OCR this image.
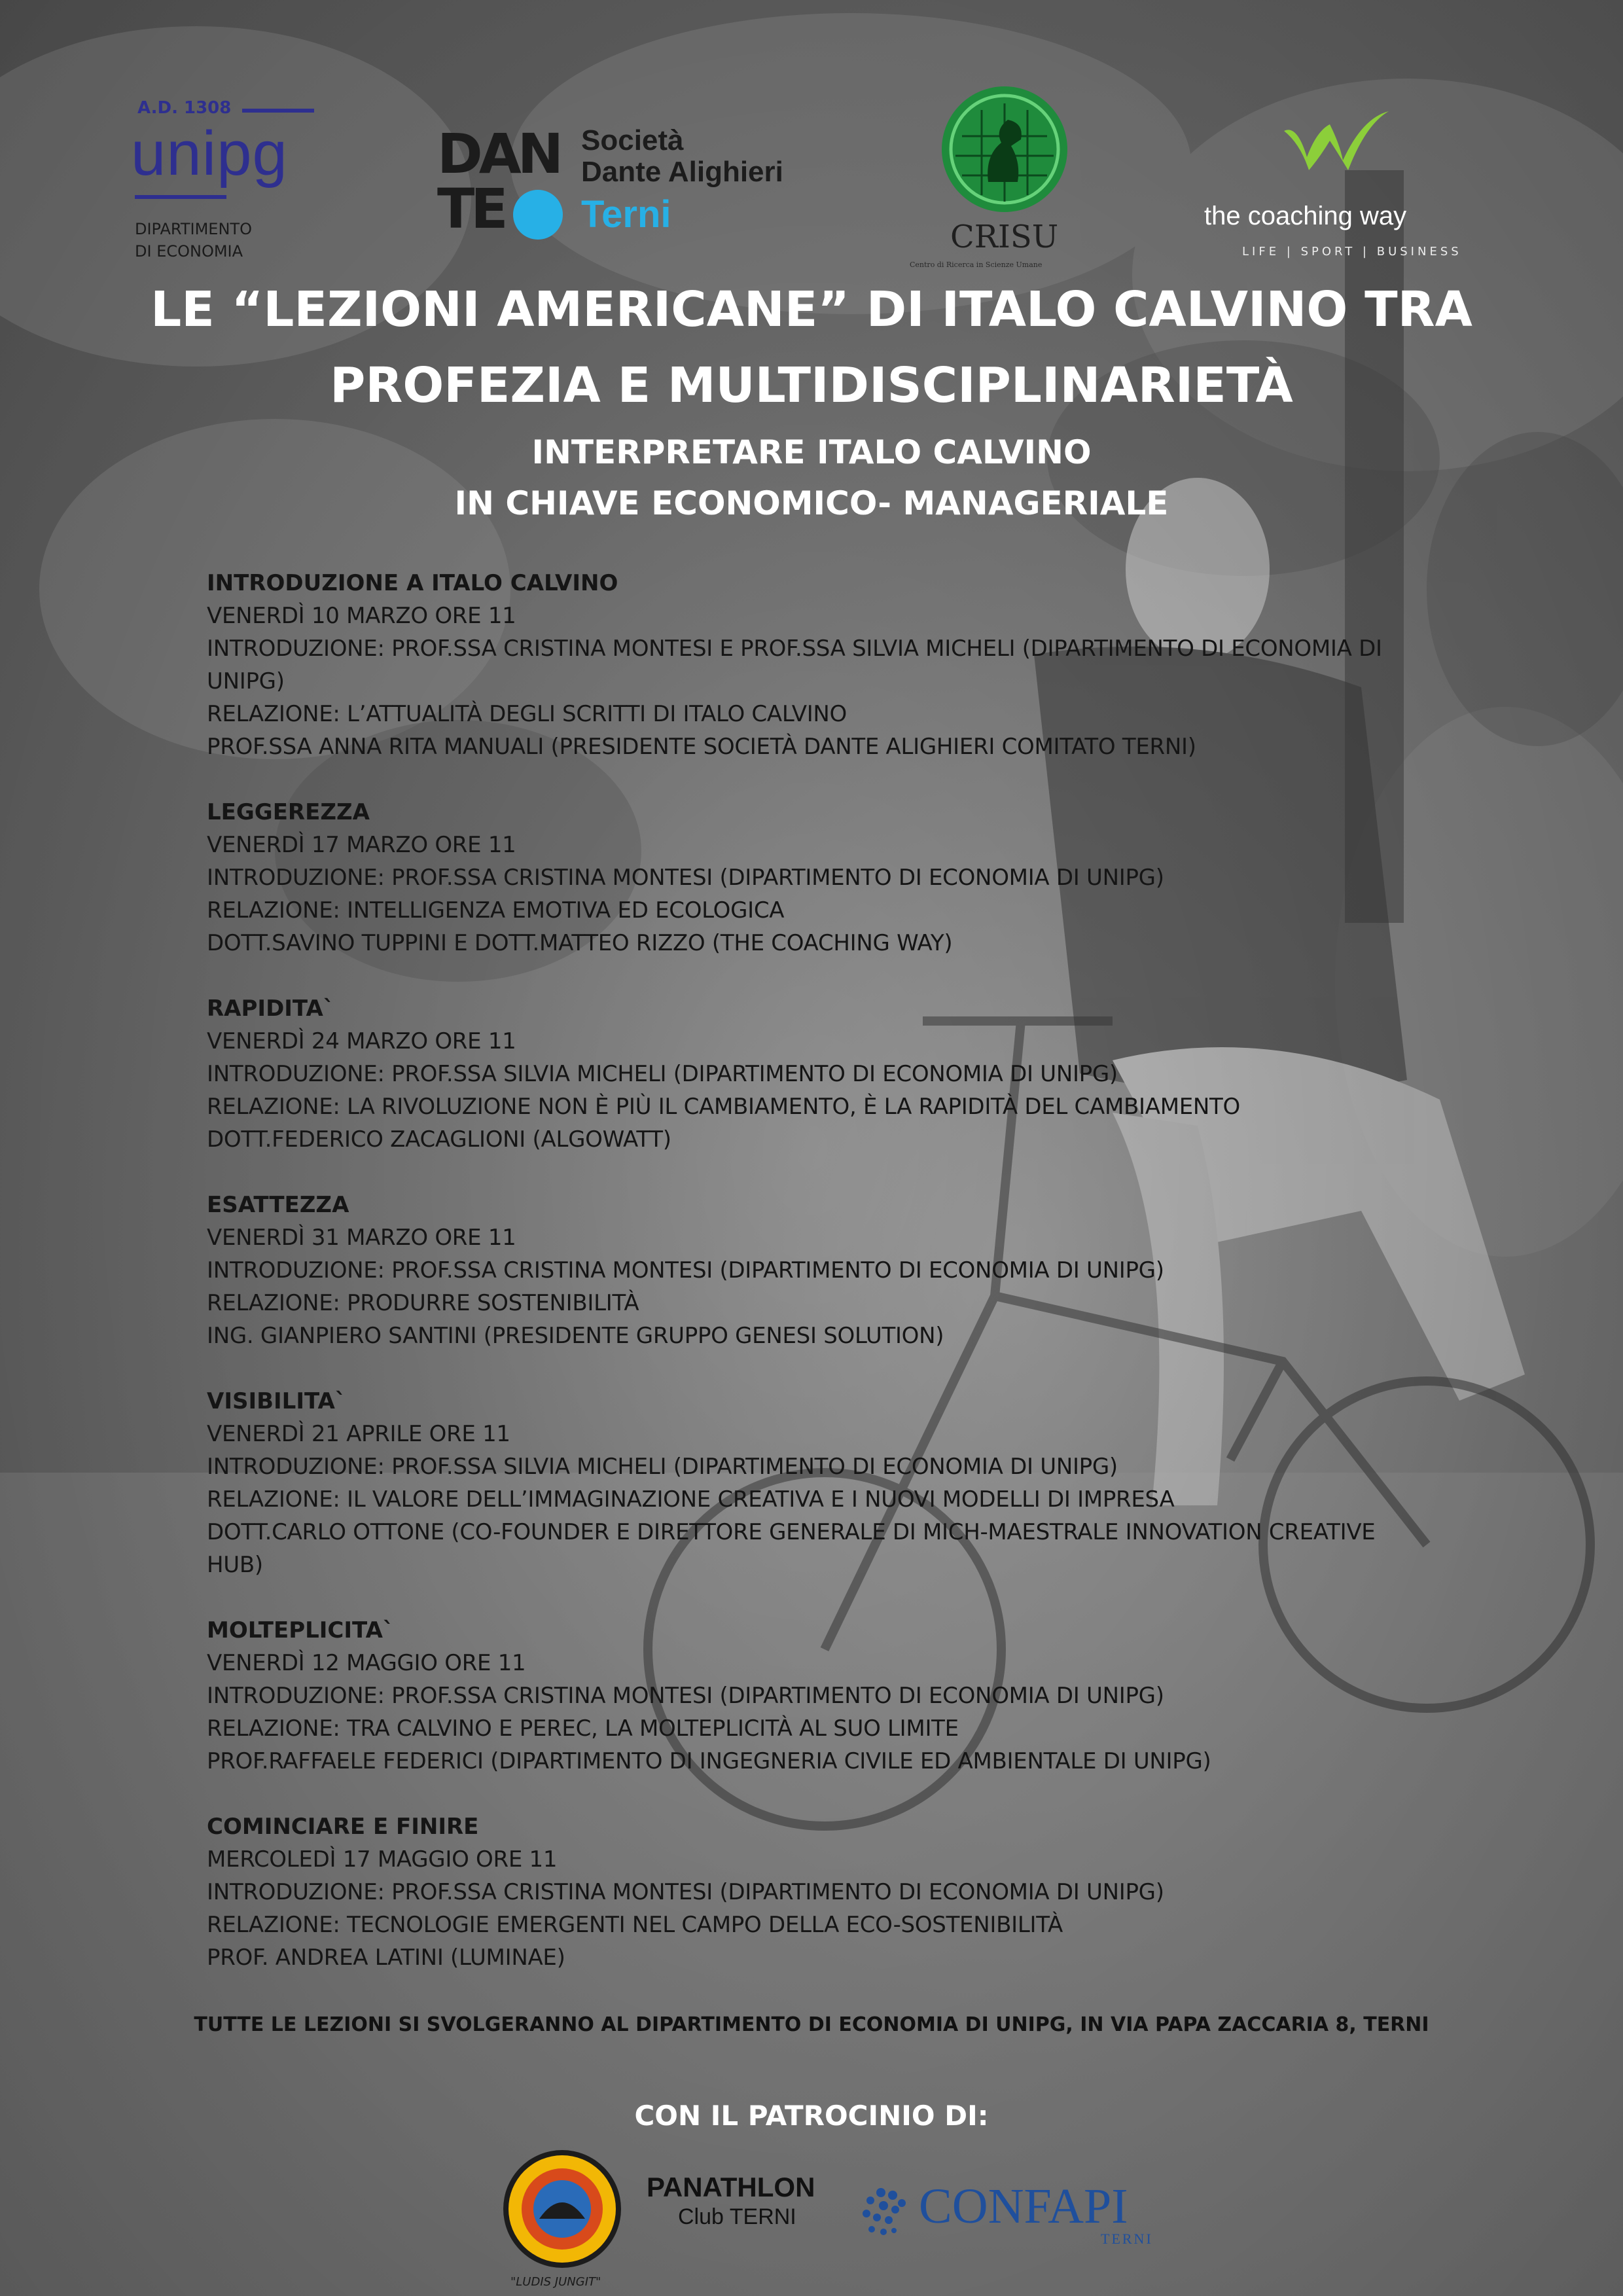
A.D. 1308
unipg
DIPARTIMENTO
DI ECONOMIA
DAN
TE
Società
Dante Alighieri
Terni
CRISU
Centro di Ricerca in Scienze Umane
the coaching way
LIFE | SPORT | BUSINESS
LE “LEZIONI AMERICANE” DI ITALO CALVINO TRA
PROFEZIA E MULTIDISCIPLINARIETÀ
INTERPRETARE ITALO CALVINO
IN CHIAVE ECONOMICO- MANAGERIALE
INTRODUZIONE A ITALO CALVINO
VENERDÌ 10 MARZO ORE 11
INTRODUZIONE: PROF.SSA CRISTINA MONTESI E PROF.SSA SILVIA MICHELI (DIPARTIMENTO DI ECONOMIA DI UNIPG)
RELAZIONE: L’ATTUALITÀ DEGLI SCRITTI DI ITALO CALVINO
PROF.SSA ANNA RITA MANUALI (PRESIDENTE SOCIETÀ DANTE ALIGHIERI COMITATO TERNI)
LEGGEREZZA
VENERDÌ 17 MARZO ORE 11
INTRODUZIONE: PROF.SSA CRISTINA MONTESI (DIPARTIMENTO DI ECONOMIA DI UNIPG)
RELAZIONE: INTELLIGENZA EMOTIVA ED ECOLOGICA
DOTT.SAVINO TUPPINI E DOTT.MATTEO RIZZO (THE COACHING WAY)
RAPIDITA`
VENERDÌ 24 MARZO ORE 11
INTRODUZIONE: PROF.SSA SILVIA MICHELI (DIPARTIMENTO DI ECONOMIA DI UNIPG)
RELAZIONE: LA RIVOLUZIONE NON È PIÙ IL CAMBIAMENTO, È LA RAPIDITÀ DEL CAMBIAMENTO
DOTT.FEDERICO ZACAGLIONI (ALGOWATT)
ESATTEZZA
VENERDÌ 31 MARZO ORE 11
INTRODUZIONE: PROF.SSA CRISTINA MONTESI (DIPARTIMENTO DI ECONOMIA DI UNIPG)
RELAZIONE: PRODURRE SOSTENIBILITÀ
ING. GIANPIERO SANTINI (PRESIDENTE GRUPPO GENESI SOLUTION)
VISIBILITA`
VENERDÌ 21 APRILE ORE 11
INTRODUZIONE: PROF.SSA SILVIA MICHELI (DIPARTIMENTO DI ECONOMIA DI UNIPG)
RELAZIONE: IL VALORE DELL’IMMAGINAZIONE CREATIVA E I NUOVI MODELLI DI IMPRESA
DOTT.CARLO OTTONE (CO-FOUNDER E DIRETTORE GENERALE DI MICH-MAESTRALE INNOVATION CREATIVE HUB)
MOLTEPLICITA`
VENERDÌ 12 MAGGIO ORE 11
INTRODUZIONE: PROF.SSA CRISTINA MONTESI (DIPARTIMENTO DI ECONOMIA DI UNIPG)
RELAZIONE: TRA CALVINO E PEREC, LA MOLTEPLICITÀ AL SUO LIMITE
PROF.RAFFAELE FEDERICI (DIPARTIMENTO DI INGEGNERIA CIVILE ED AMBIENTALE DI UNIPG)
COMINCIARE E FINIRE
MERCOLEDÌ 17 MAGGIO ORE 11
INTRODUZIONE: PROF.SSA CRISTINA MONTESI (DIPARTIMENTO DI ECONOMIA DI UNIPG)
RELAZIONE: TECNOLOGIE EMERGENTI NEL CAMPO DELLA ECO-SOSTENIBILITÀ
PROF. ANDREA LATINI (LUMINAE)
TUTTE LE LEZIONI SI SVOLGERANNO AL DIPARTIMENTO DI ECONOMIA DI UNIPG, IN VIA PAPA ZACCARIA 8, TERNI
CON IL PATROCINIO DI:
"LUDIS JUNGIT"
PANATHLON
Club TERNI CONFAPI
TERNI
